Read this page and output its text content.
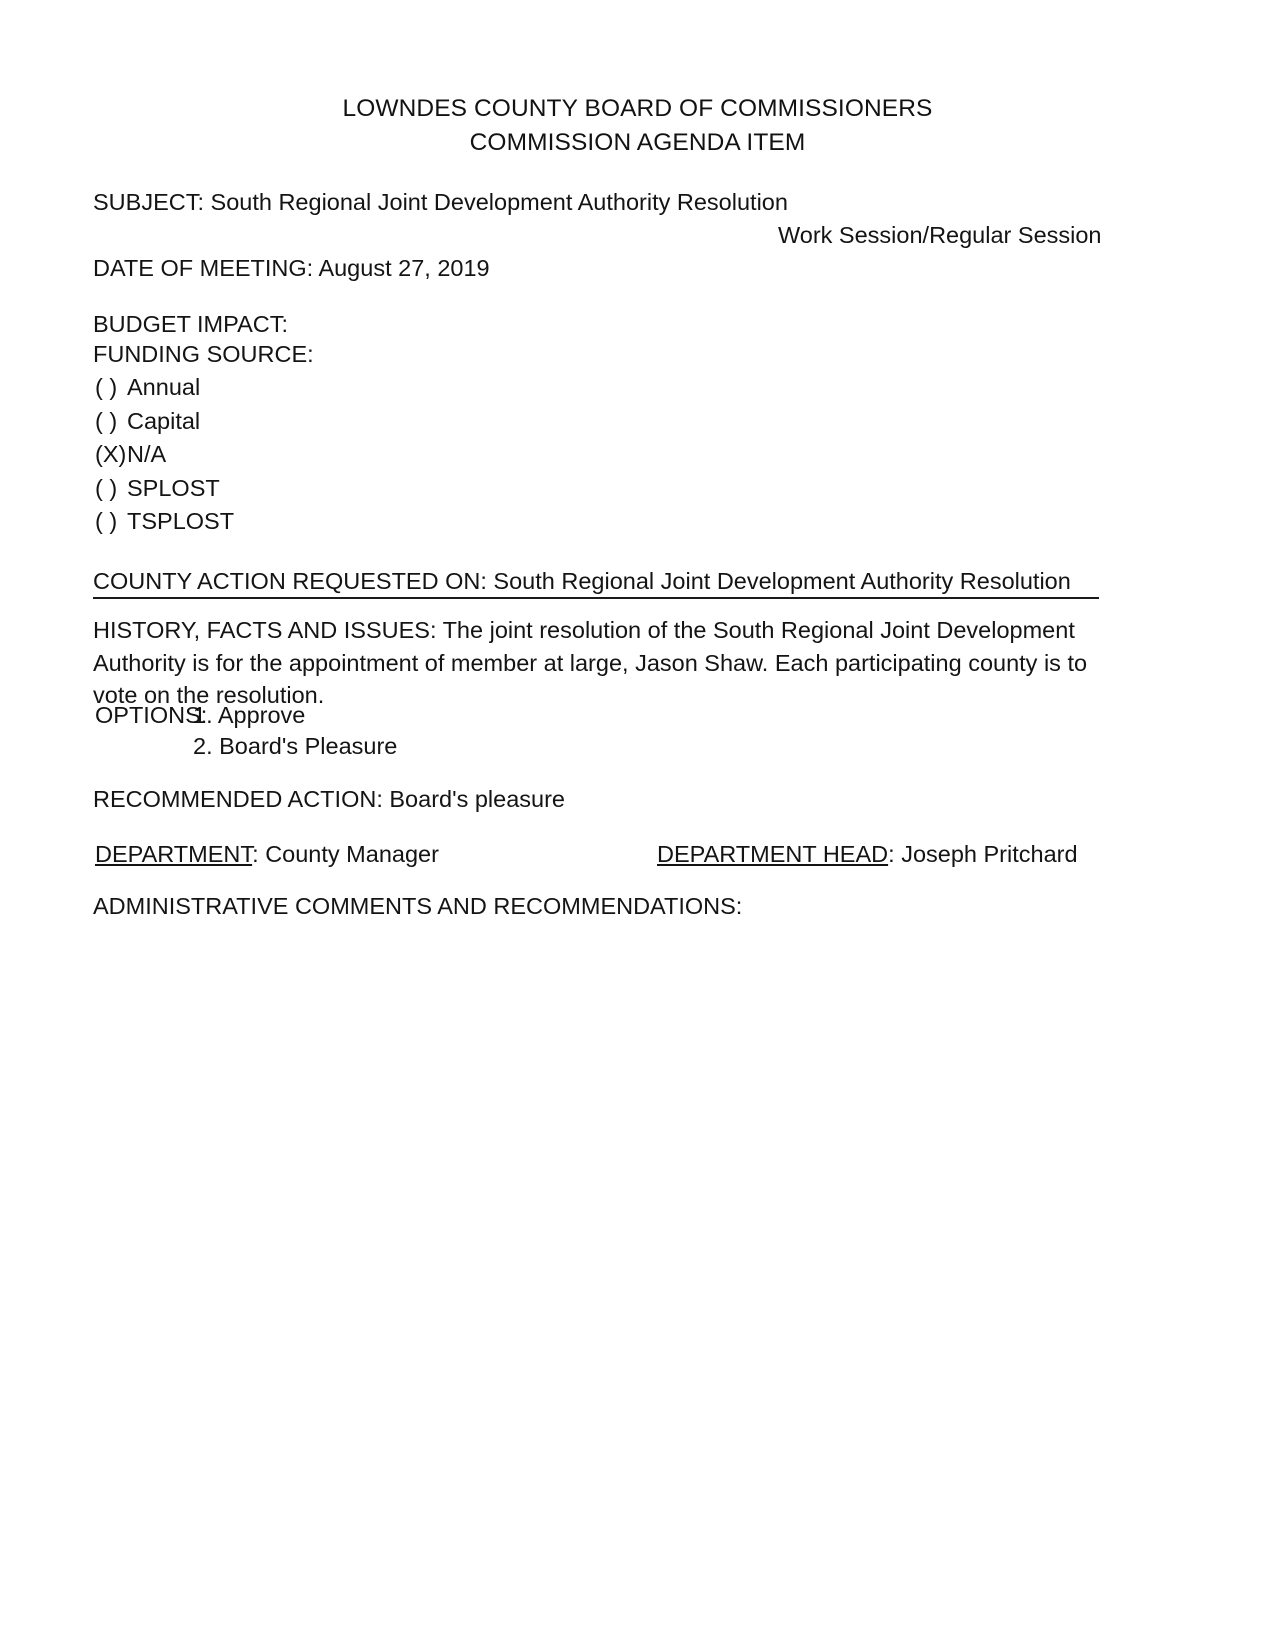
LOWNDES COUNTY BOARD OF COMMISSIONERS
COMMISSION AGENDA ITEM
SUBJECT: South Regional Joint Development Authority Resolution
Work Session/Regular Session
DATE OF MEETING: August 27, 2019
BUDGET IMPACT:
FUNDING SOURCE:
( ) Annual
( ) Capital
(X) N/A
( ) SPLOST
( ) TSPLOST
COUNTY ACTION REQUESTED ON: South Regional Joint Development Authority Resolution
HISTORY, FACTS AND ISSUES: The joint resolution of the South Regional Joint Development Authority is for the appointment of member at large, Jason Shaw. Each participating county is to vote on the resolution.
OPTIONS:1. Approve
2. Board's Pleasure
RECOMMENDED ACTION: Board's pleasure
DEPARTMENT: County Manager	DEPARTMENT HEAD: Joseph Pritchard
ADMINISTRATIVE COMMENTS AND RECOMMENDATIONS:
